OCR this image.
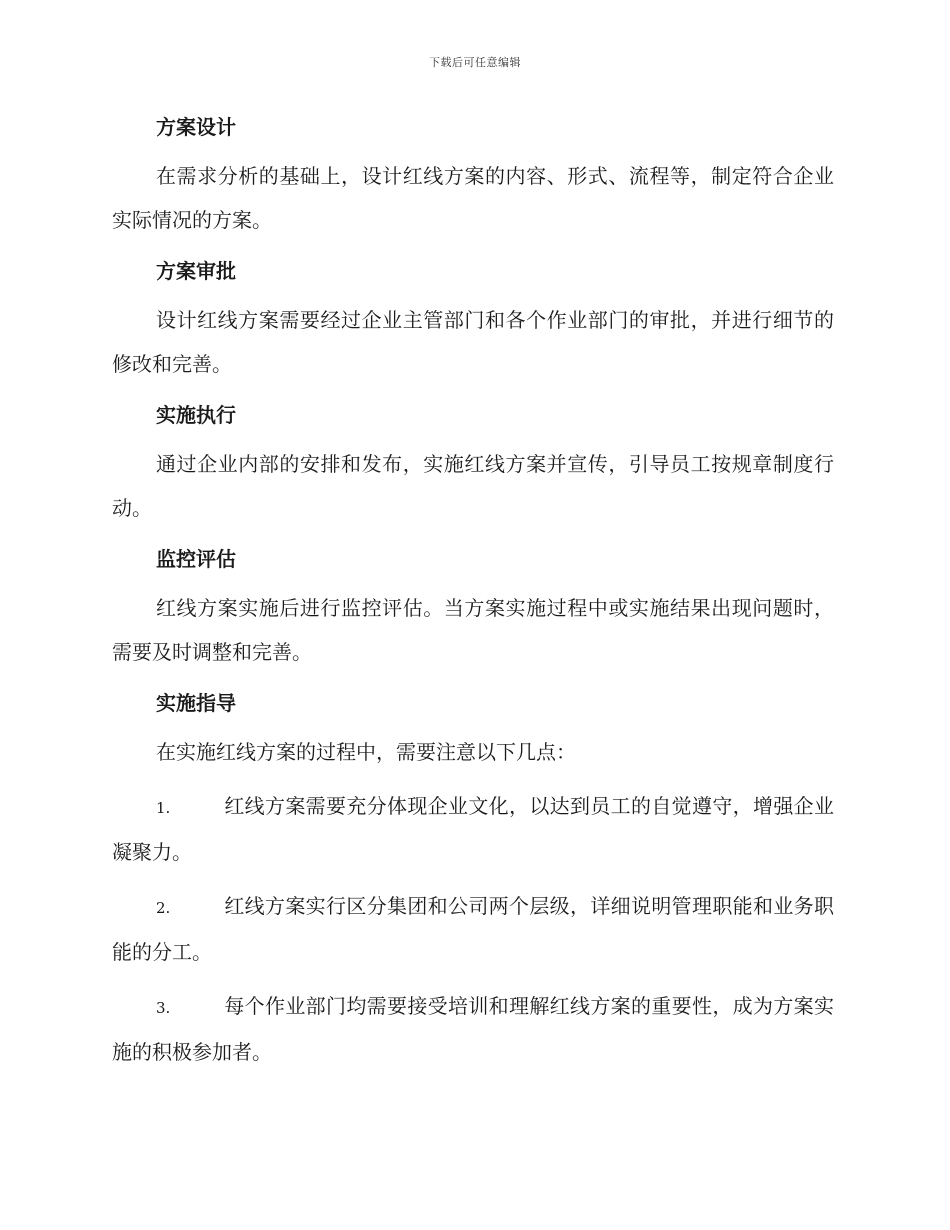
下载后可任意编辑
方案设计

在需求分析的基础上，设计红线方案的内容、形式、流程等，制定符合企业实际情况的方案。

方案审批

设计红线方案需要经过企业主管部门和各个作业部门的审批，并进行细节的修改和完善。

实施执行

通过企业内部的安排和发布，实施红线方案并宣传，引导员工按规章制度行动。

监控评估

红线方案实施后进行监控评估。当方案实施过程中或实施结果出现问题时，需要及时调整和完善。

实施指导

在实施红线方案的过程中，需要注意以下几点：

1.	红线方案需要充分体现企业文化，以达到员工的自觉遵守，增强企业凝聚力。

2.	红线方案实行区分集团和公司两个层级，详细说明管理职能和业务职能的分工。

3.	每个作业部门均需要接受培训和理解红线方案的重要性，成为方案实施的积极参加者。
